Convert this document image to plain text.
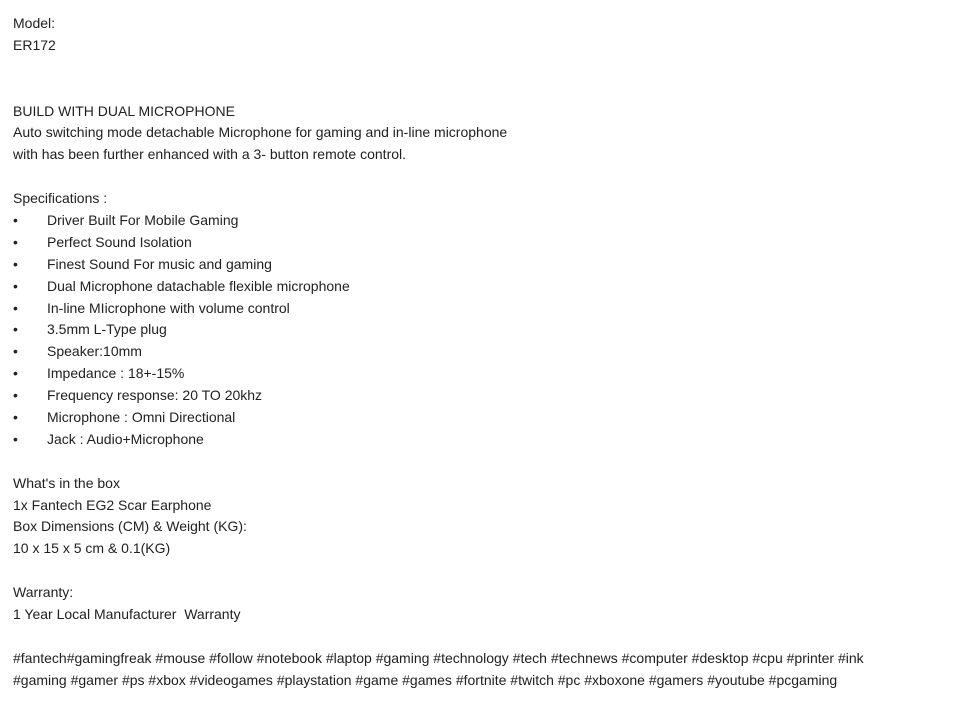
Model:
ER172
BUILD WITH DUAL MICROPHONE
Auto switching mode detachable Microphone for gaming and in-line microphone
with has been further enhanced with a 3- button remote control.
Specifications :
•	Driver Built For Mobile Gaming
•	Perfect Sound Isolation
•	Finest Sound For music and gaming
•	Dual Microphone datachable flexible microphone
•	In-line MIicrophone with volume control
•	3.5mm L-Type plug
•	Speaker:10mm
•	Impedance : 18+-15%
•	Frequency response: 20 TO 20khz
•	Microphone : Omni Directional
•	Jack : Audio+Microphone
What's in the box
1x Fantech EG2 Scar Earphone
Box Dimensions (CM) & Weight (KG):
10 x 15 x 5 cm & 0.1(KG)
Warranty:
1 Year Local Manufacturer  Warranty
#fantech#gamingfreak #mouse #follow #notebook #laptop #gaming #technology #tech #technews #computer #desktop #cpu #printer #ink
#gaming #gamer #ps #xbox #videogames #playstation #game #games #fortnite #twitch #pc #xboxone #gamers #youtube #pcgaming
